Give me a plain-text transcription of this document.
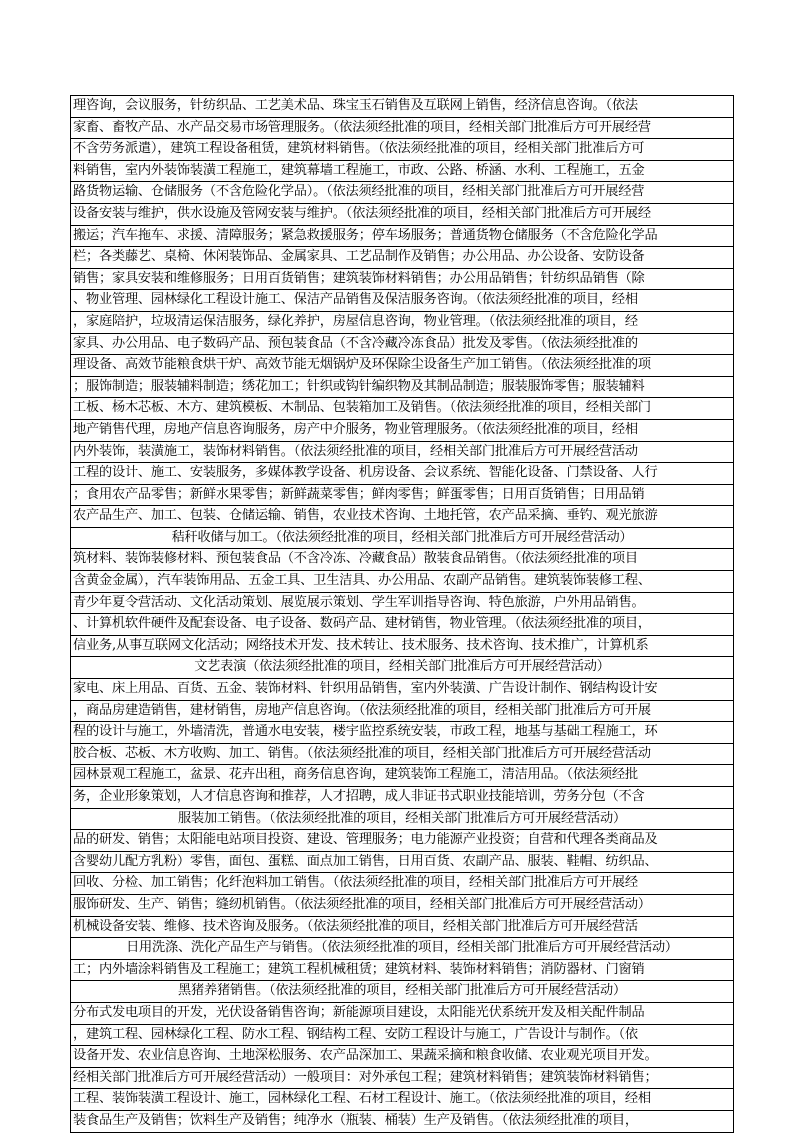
理咨询，会议服务，针纺织品、工艺美术品、珠宝玉石销售及互联网上销售，经济信息咨询。（依法
家畜、畜牧产品、水产品交易市场管理服务。（依法须经批准的项目，经相关部门批准后方可开展经营
不含劳务派遣），建筑工程设备租赁，建筑材料销售。（依法须经批准的项目，经相关部门批准后方可
料销售，室内外装饰装潢工程施工，建筑幕墙工程施工，市政、公路、桥涵、水利、工程施工，五金
路货物运输、仓储服务（不含危险化学品）。（依法须经批准的项目，经相关部门批准后方可开展经营
设备安装与维护，供水设施及管网安装与维护。（依法须经批准的项目，经相关部门批准后方可开展经
搬运；汽车拖车、求援、清障服务；紧急救援服务；停车场服务；普通货物仓储服务（不含危险化学品
栏；各类藤艺、桌椅、休闲装饰品、金属家具、工艺品制作及销售；办公用品、办公设备、安防设备
销售；家具安装和维修服务；日用百货销售；建筑装饰材料销售；办公用品销售；针纺织品销售（除
、物业管理、园林绿化工程设计施工、保洁产品销售及保洁服务咨询。（依法须经批准的项目，经相
，家庭陪护，垃圾清运保洁服务，绿化养护，房屋信息咨询，物业管理。（依法须经批准的项目，经
家具、办公用品、电子数码产品、预包装食品（不含冷藏冷冻食品）批发及零售。（依法须经批准的
理设备、高效节能粮食烘干炉、高效节能无烟锅炉及环保除尘设备生产加工销售。（依法须经批准的项
；服饰制造；服装辅料制造；绣花加工；针织或钩针编织物及其制品制造；服装服饰零售；服装辅料
工板、杨木芯板、木方、建筑模板、木制品、包装箱加工及销售。（依法须经批准的项目，经相关部门
地产销售代理，房地产信息咨询服务，房产中介服务，物业管理服务。（依法须经批准的项目，经相
内外装饰，装潢施工，装饰材料销售。（依法须经批准的项目，经相关部门批准后方可开展经营活动
工程的设计、施工、安装服务，多媒体教学设备、机房设备、会议系统、智能化设备、门禁设备、人行
；食用农产品零售；新鲜水果零售；新鲜蔬菜零售；鲜肉零售；鲜蛋零售；日用百货销售；日用品销
农产品生产、加工、包装、仓储运输、销售，农业技术咨询、土地托管，农产品采摘、垂钓、观光旅游
秸秆收储与加工。（依法须经批准的项目，经相关部门批准后方可开展经营活动）
筑材料、装饰装修材料、预包装食品（不含冷冻、冷藏食品）散装食品销售。（依法须经批准的项目
含黄金金属），汽车装饰用品、五金工具、卫生洁具、办公用品、农副产品销售。建筑装饰装修工程、
青少年夏令营活动、文化活动策划、展览展示策划、学生军训指导咨询、特色旅游，户外用品销售。
、计算机软件硬件及配套设备、电子设备、数码产品、建材销售，物业管理。（依法须经批准的项目，
信业务,从事互联网文化活动；网络技术开发、技术转让、技术服务、技术咨询、技术推广，计算机系
文艺表演（依法须经批准的项目，经相关部门批准后方可开展经营活动）
家电、床上用品、百货、五金、装饰材料、针织用品销售，室内外装潢、广告设计制作、钢结构设计安
，商品房建造销售，建材销售，房地产信息咨询。（依法须经批准的项目，经相关部门批准后方可开展
程的设计与施工，外墙清洗，普通水电安装，楼宇监控系统安装，市政工程，地基与基础工程施工，环
胶合板、芯板、木方收购、加工、销售。（依法须经批准的项目，经相关部门批准后方可开展经营活动
园林景观工程施工，盆景、花卉出租，商务信息咨询，建筑装饰工程施工，清洁用品。（依法须经批
务，企业形象策划，人才信息咨询和推荐，人才招聘，成人非证书式职业技能培训，劳务分包（不含
服装加工销售。（依法须经批准的项目，经相关部门批准后方可开展经营活动）
品的研发、销售；太阳能电站项目投资、建设、管理服务；电力能源产业投资；自营和代理各类商品及
含婴幼儿配方乳粉）零售，面包、蛋糕、面点加工销售，日用百货、农副产品、服装、鞋帽、纺织品、
回收、分检、加工销售；化纤泡料加工销售。（依法须经批准的项目，经相关部门批准后方可开展经
服饰研发、生产、销售；缝纫机销售。（依法须经批准的项目，经相关部门批准后方可开展经营活动）
机械设备安装、维修、技术咨询及服务。（依法须经批准的项目，经相关部门批准后方可开展经营活
日用洗涤、洗化产品生产与销售。（依法须经批准的项目，经相关部门批准后方可开展经营活动）
工；内外墙涂料销售及工程施工；建筑工程机械租赁；建筑材料、装饰材料销售；消防器材、门窗销
黑猪养猪销售。（依法须经批准的项目，经相关部门批准后方可开展经营活动）
分布式发电项目的开发，光伏设备销售咨询；新能源项目建设，太阳能光伏系统开发及相关配件制品
，建筑工程、园林绿化工程、防水工程、钢结构工程、安防工程设计与施工，广告设计与制作。（依
设备开发、农业信息咨询、土地深松服务、农产品深加工、果蔬采摘和粮食收储、农业观光项目开发。
经相关部门批准后方可开展经营活动）一般项目：对外承包工程；建筑材料销售；建筑装饰材料销售；
工程、装饰装潢工程设计、施工，园林绿化工程、石材工程设计、施工。（依法须经批准的项目，经相
装食品生产及销售；饮料生产及销售；纯净水（瓶装、桶装）生产及销售。（依法须经批准的项目，
